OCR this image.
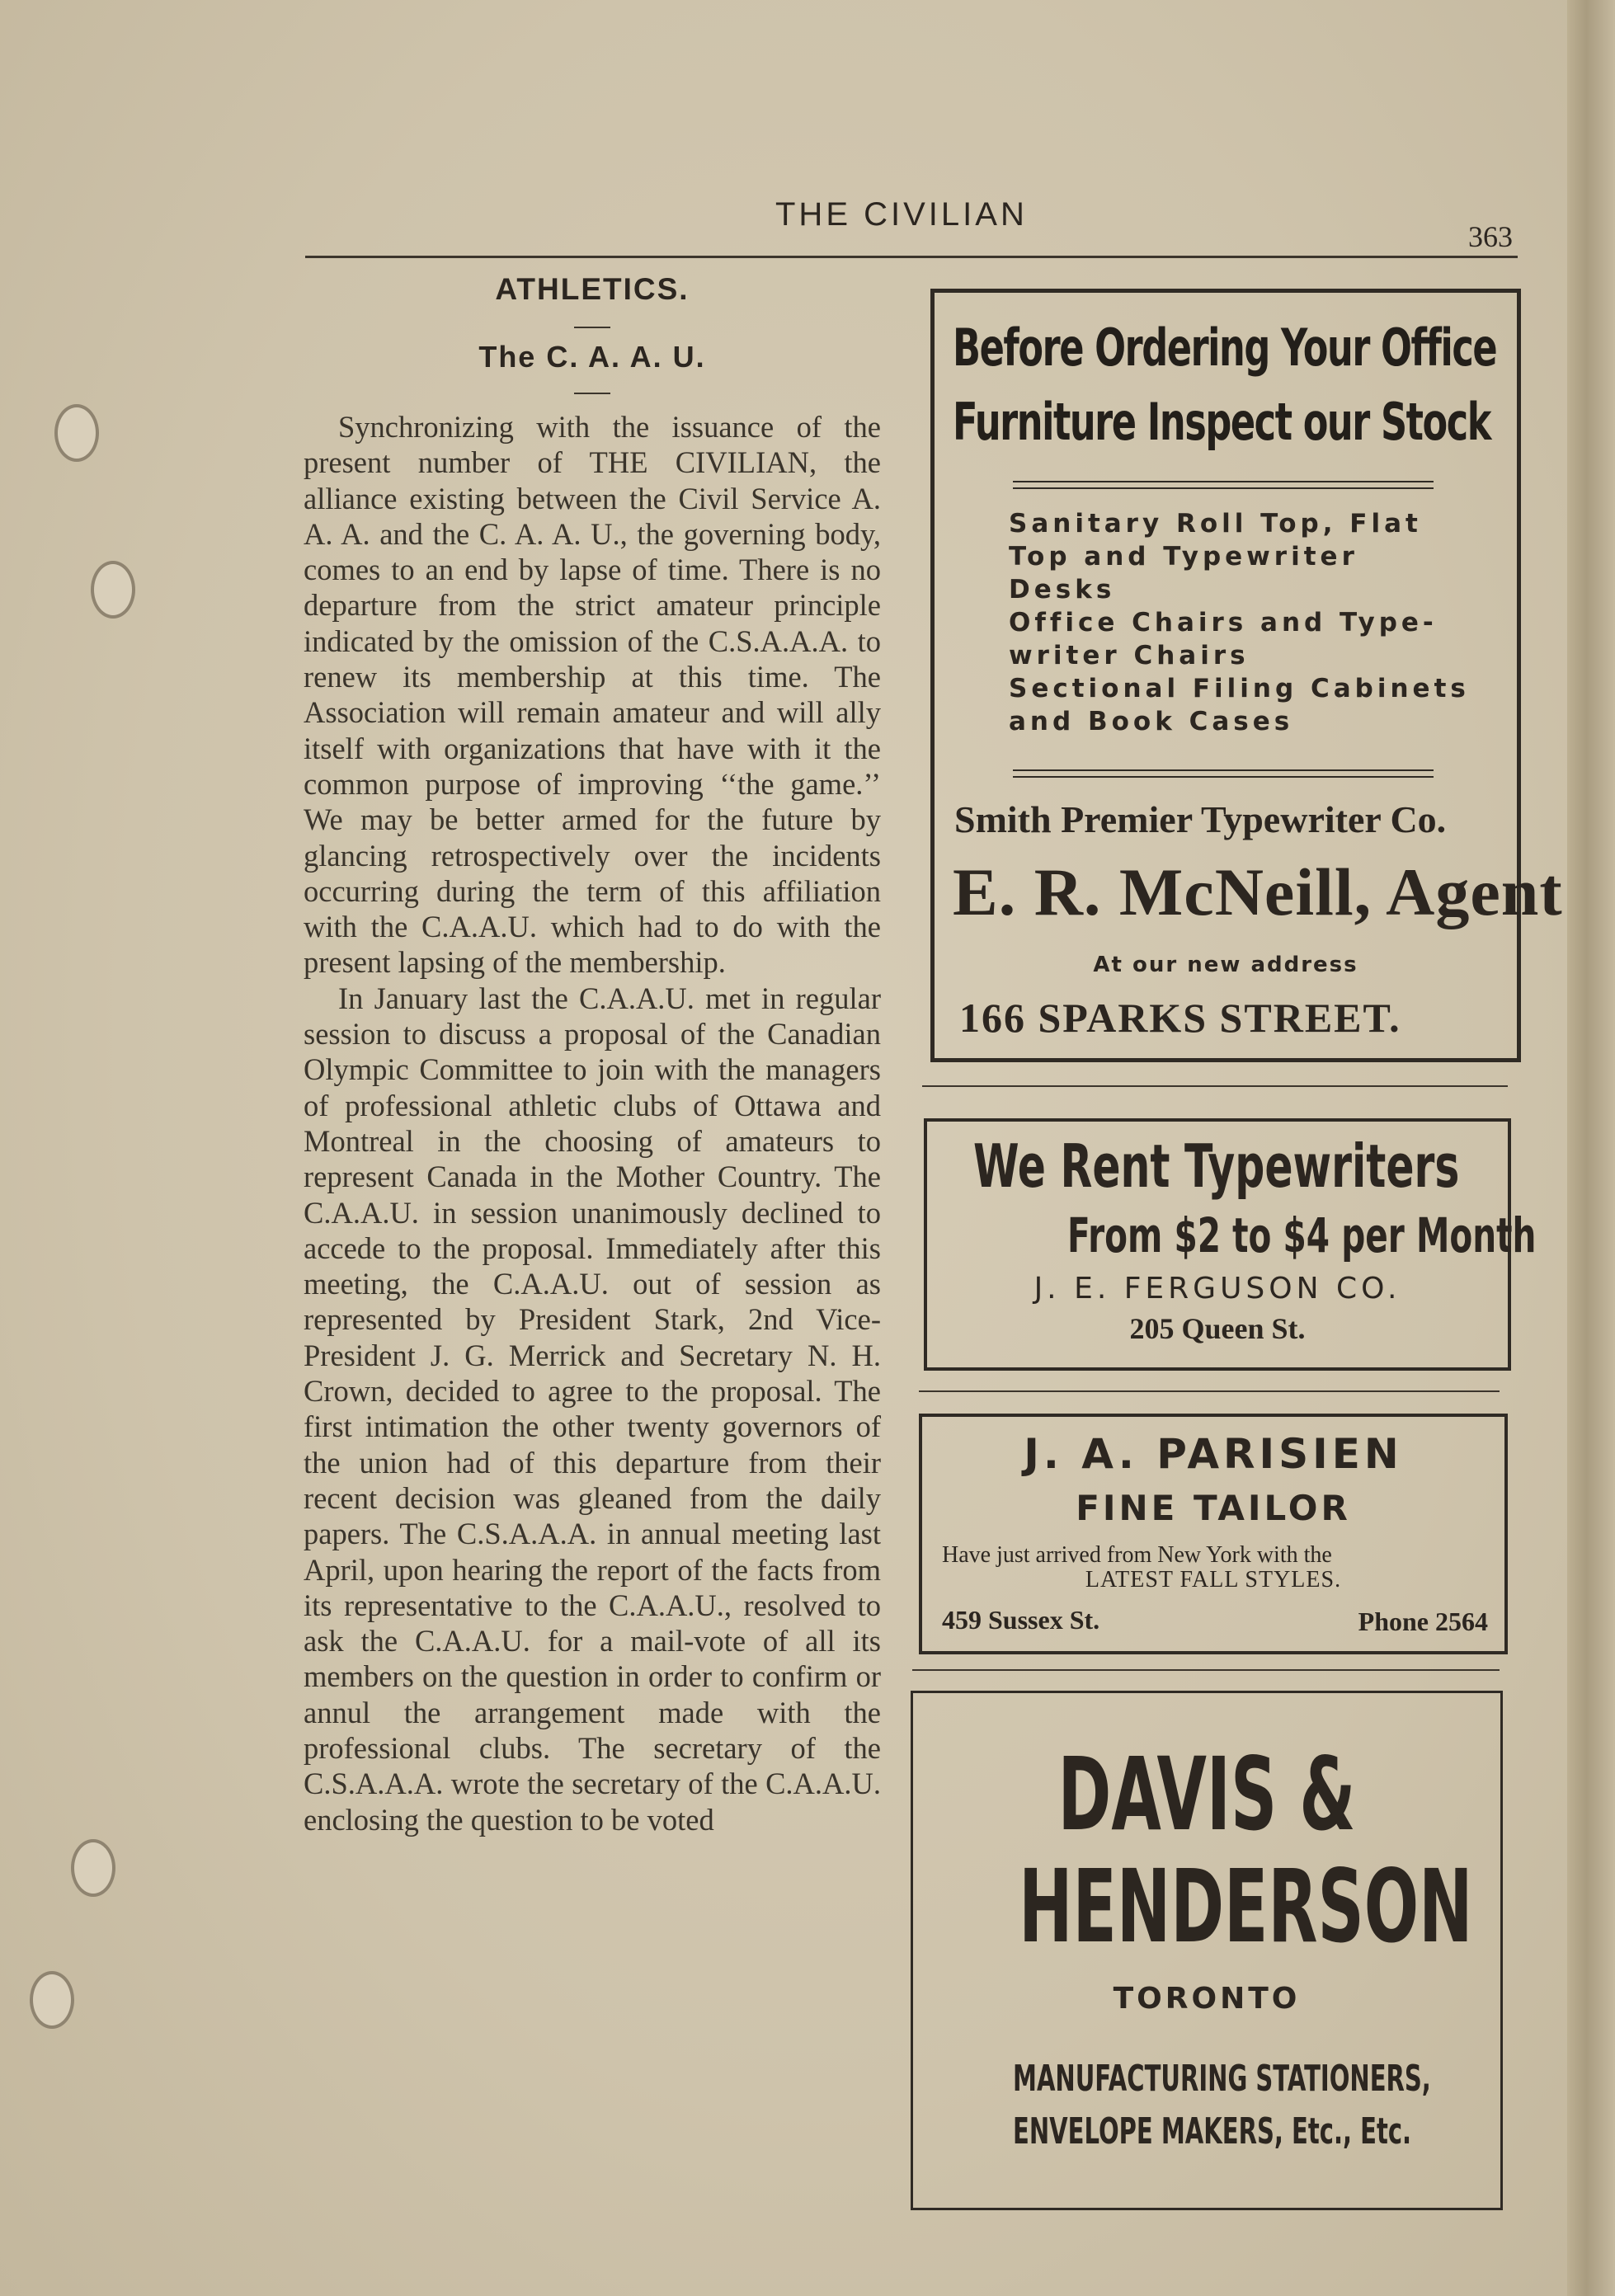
THE CIVILIAN
363
ATHLETICS.
The C. A. A. U.

Synchronizing with the issuance of the present number of THE CIVILIAN, the alliance existing between the Civil Service A. A. A. and the C. A. A. U., the governing body, comes to an end by lapse of time. There is no departure from the strict amateur principle indicated by the omission of the C.S.A.A.A. to renew its membership at this time. The Association will remain amateur and will ally itself with organizations that have with it the common purpose of improving ‘‘the game.’’ We may be better armed for the future by glancing retrospectively over the incidents occurring during the term of this affiliation with the C.A.A.U. which had to do with the present lapsing of the membership.

In January last the C.A.A.U. met in regular session to discuss a proposal of the Canadian Olympic Committee to join with the managers of professional athletic clubs of Ottawa and Montreal in the choosing of amateurs to represent Canada in the Mother Country. The C.A.A.U. in session unanimously declined to accede to the proposal. Immediately after this meeting, the C.A.A.U. out of session as represented by President Stark, 2nd Vice-President J. G. Merrick and Secretary N. H. Crown, decided to agree to the proposal. The first intimation the other twenty governors of the union had of this departure from their recent decision was gleaned from the daily papers. The C.S.A.A.A. in annual meeting last April, upon hearing the report of the facts from its representative to the C.A.A.U., resolved to ask the C.A.A.U. for a mail-vote of all its members on the question in order to confirm or annul the arrangement made with the professional clubs. The secretary of the C.S.A.A.A. wrote the secretary of the C.A.A.U. enclosing the question to be voted

Before Ordering Your Office
Furniture Inspect our Stock
Sanitary Roll Top, Flat
Top and Typewriter
Desks
Office Chairs and Type-
writer Chairs
Sectional Filing Cabinets
and Book Cases
Smith Premier Typewriter Co.
E. R. McNeill, Agent
At our new address
166 SPARKS STREET.
We Rent Typewriters
From $2 to $4 per Month
J. E. FERGUSON CO.
205 Queen St.
J. A. PARISIEN
FINE TAILOR
Have just arrived from New York with the
LATEST FALL STYLES.
459 Sussex St.	Phone 2564
DAVIS &
HENDERSON
TORONTO
MANUFACTURING STATIONERS,
ENVELOPE MAKERS, Etc., Etc.
